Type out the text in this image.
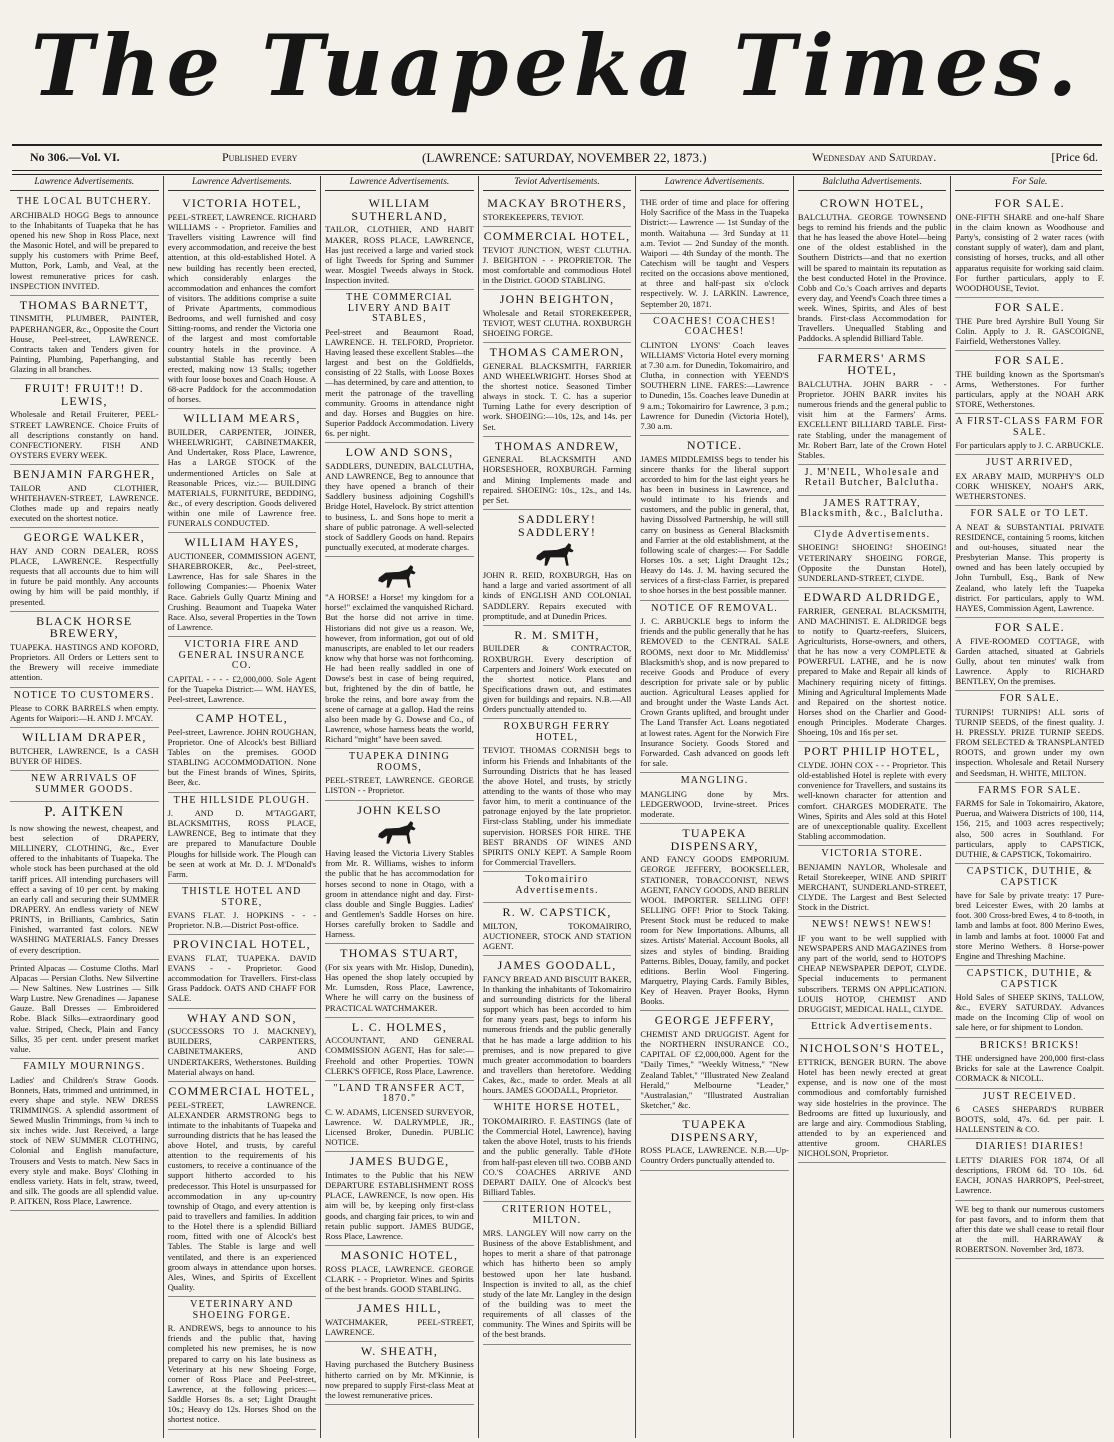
The Tuapeka Times.
No 306.—Vol. VI.	Published every	(LAWRENCE: SATURDAY, NOVEMBER 22, 1873.)	Wednesday and Saturday.	[Price 6d.
Lawrence Advertisements.
THE LOCAL BUTCHERY.
ARCHIBALD HOGG Begs to announce to the Inhabitants of Tuapeka that he has opened his new Shop in Ross Place, next the Masonic Hotel, and will be prepared to supply his customers with Prime Beef, Mutton, Pork, Lamb, and Veal, at the lowest remunerative prices for cash. INSPECTION INVITED.
THOMAS BARNETT,
TINSMITH, PLUMBER, PAINTER, PAPERHANGER, &c., Opposite the Court House, Peel-street, LAWRENCE. Contracts taken and Tenders given for Painting, Plumbing, Paperhanging, and Glazing in all branches.
FRUIT! FRUIT!! D. LEWIS,
Wholesale and Retail Fruiterer, PEEL-STREET LAWRENCE. Choice Fruits of all descriptions constantly on hand. CONFECTIONERY. FISH AND OYSTERS EVERY WEEK.
BENJAMIN FARGHER,
TAILOR AND CLOTHIER, WHITEHAVEN-STREET, LAWRENCE. Clothes made up and repairs neatly executed on the shortest notice.
GEORGE WALKER,
HAY AND CORN DEALER, ROSS PLACE, LAWRENCE. Respectfully requests that all accounts due to him will in future be paid monthly. Any accounts owing by him will be paid monthly, if presented.
BLACK HORSE BREWERY,
TUAPEKA. HASTINGS AND KOFORD, Proprietors. All Orders or Letters sent to the Brewery will receive immediate attention.
NOTICE TO CUSTOMERS.
Please to CORK BARRELS when empty. Agents for Waipori:—H. AND J. M'CAY.
WILLIAM DRAPER,
BUTCHER, LAWRENCE, Is a CASH BUYER OF HIDES.
NEW ARRIVALS OF SUMMER GOODS.
P. AITKEN
Is now showing the newest, cheapest, and best selection of DRAPERY, MILLINERY, CLOTHING, &c., Ever offered to the inhabitants of Tuapeka. The whole stock has been purchased at the old tariff prices. All intending purchasers will effect a saving of 10 per cent. by making an early call and securing their SUMMER DRAPERY. An endless variety of NEW PRINTS, in Brilliants, Cambrics, Satin Finished, warranted fast colors. NEW WASHING MATERIALS. Fancy Dresses of every description.
Printed Alpacas — Costume Cloths. Marl Alpacas — Persian Cloths. New Silvertine — New Saltines. New Lustrines — Silk Warp Lustre. New Grenadines — Japanese Gauze. Ball Dresses — Embroidered Robe. Black Silks—extraordinary good value. Striped, Check, Plain and Fancy Silks, 35 per cent. under present market value.
FAMILY MOURNINGS.
Ladies' and Children's Straw Goods. Bonnets, Hats, trimmed and untrimmed, in every shape and style. NEW DRESS TRIMMINGS. A splendid assortment of Sewed Muslin Trimmings, from ¼ inch to six inches wide. Just Received, a large stock of NEW SUMMER CLOTHING, Colonial and English manufacture, Trousers and Vests to match. New Sacs in every style and make. Boys' Clothing in endless variety. Hats in felt, straw, tweed, and silk. The goods are all splendid value. P. AITKEN, Ross Place, Lawrence.
Lawrence Advertisements.
VICTORIA HOTEL,
PEEL-STREET, LAWRENCE. RICHARD WILLIAMS - - Proprietor. Families and Travellers visiting Lawrence will find every accommodation, and receive the best attention, at this old-established Hotel. A new building has recently been erected, which considerably enlarges the accommodation and enhances the comfort of visitors. The additions comprise a suite of Private Apartments, commodious Bedrooms, and well furnished and cosy Sitting-rooms, and render the Victoria one of the largest and most comfortable country hotels in the province. A substantial Stable has recently been erected, making now 13 Stalls; together with four loose boxes and Coach House. A 68-acre Paddock for the accommodation of horses.
WILLIAM MEARS,
BUILDER, CARPENTER, JOINER, WHEELWRIGHT, CABINETMAKER, And Undertaker, Ross Place, Lawrence, Has a LARGE STOCK of the undermentioned Articles on Sale at Reasonable Prices, viz.:— BUILDING MATERIALS, FURNITURE, BEDDING, &c., of every description. Goods delivered within one mile of Lawrence free. FUNERALS CONDUCTED.
WILLIAM HAYES,
AUCTIONEER, COMMISSION AGENT, SHAREBROKER, &c., Peel-street, Lawrence, Has for sale Shares in the following Companies:— Phoenix Water Race. Gabriels Gully Quartz Mining and Crushing. Beaumont and Tuapeka Water Race. Also, several Properties in the Town of Lawrence.
VICTORIA FIRE AND GENERAL INSURANCE CO.
CAPITAL - - - - £2,000,000. Sole Agent for the Tuapeka District:— WM. HAYES, Peel-street, Lawrence.
CAMP HOTEL,
Peel-street, Lawrence. JOHN ROUGHAN, Proprietor. One of Alcock's best Billiard Tables on the premises. GOOD STABLING ACCOMMODATION. None but the Finest brands of Wines, Spirits, Beer, &c.
THE HILLSIDE PLOUGH.
J. AND D. M'TAGGART, BLACKSMITHS, ROSS PLACE, LAWRENCE, Beg to intimate that they are prepared to Manufacture Double Ploughs for hillside work. The Plough can be seen at work at Mr. D. J. M'Donald's Farm.
THISTLE HOTEL AND STORE,
EVANS FLAT. J. HOPKINS - - - Proprietor. N.B.—District Post-office.
PROVINCIAL HOTEL,
EVANS FLAT, TUAPEKA. DAVID EVANS - - Proprietor. Good accommodation for Travellers. First-class Grass Paddock. OATS AND CHAFF FOR SALE.
WHAY AND SON,
(SUCCESSORS TO J. MACKNEY), BUILDERS, CARPENTERS, CABINETMAKERS, AND UNDERTAKERS, Wetherstones. Building Material always on hand.
COMMERCIAL HOTEL,
PEEL-STREET, LAWRENCE. ALEXANDER ARMSTRONG begs to intimate to the inhabitants of Tuapeka and surrounding districts that he has leased the above Hotel, and trusts, by careful attention to the requirements of his customers, to receive a continuance of the support hitherto accorded to his predecessor. This Hotel is unsurpassed for accommodation in any up-country township of Otago, and every attention is paid to travellers and families. In addition to the Hotel there is a splendid Billiard room, fitted with one of Alcock's best Tables. The Stable is large and well ventilated, and there is an experienced groom always in attendance upon horses. Ales, Wines, and Spirits of Excellent Quality.
VETERINARY AND SHOEING FORGE.
R. ANDREWS, begs to announce to his friends and the public that, having completed his new premises, he is now prepared to carry on his late business as Veterinary at his new Shoeing Forge, corner of Ross Place and Peel-street, Lawrence, at the following prices:— Saddle Horses 8s. a set; Light Draught 10s.; Heavy do 12s. Horses Shod on the shortest notice.
Lawrence Advertisements.
WILLIAM SUTHERLAND,
TAILOR, CLOTHIER, AND HABIT MAKER, ROSS PLACE, LAWRENCE, Has just received a large and varied stock of light Tweeds for Spring and Summer wear. Mosgiel Tweeds always in Stock. Inspection invited.
THE COMMERCIAL LIVERY AND BAIT STABLES,
Peel-street and Beaumont Road, LAWRENCE. H. TELFORD, Proprietor. Having leased these excellent Stables—the largest and best on the Goldfields, consisting of 22 Stalls, with Loose Boxes—has determined, by care and attention, to merit the patronage of the travelling community. Grooms in attendance night and day. Horses and Buggies on hire. Superior Paddock Accommodation. Livery 6s. per night.
LOW AND SONS,
SADDLERS, DUNEDIN, BALCLUTHA, AND LAWRENCE, Beg to announce that they have opened a branch of their Saddlery business adjoining Cogshill's Bridge Hotel, Havelock. By strict attention to business, L. and Sons hope to merit a share of public patronage. A well-selected stock of Saddlery Goods on hand. Repairs punctually executed, at moderate charges.
"A HORSE! a Horse! my kingdom for a horse!" exclaimed the vanquished Richard. But the horse did not arrive in time. Historians did not give us a reason. We, however, from information, got out of old manuscripts, are enabled to let our readers know why that horse was not forthcoming. He had been really saddled in one of Dowse's best in case of being required, but, frightened by the din of battle, he broke the reins, and bore away from the scene of carnage at a gallop. Had the reins also been made by G. Dowse and Co., of Lawrence, whose harness beats the world, Richard "might" have been saved.
TUAPEKA DINING ROOMS,
PEEL-STREET, LAWRENCE. GEORGE LISTON - - Proprietor.
JOHN KELSO
Having leased the Victoria Livery Stables from Mr. R. Williams, wishes to inform the public that he has accommodation for horses second to none in Otago, with a groom in attendance night and day. First-class double and Single Buggies. Ladies' and Gentlemen's Saddle Horses on hire. Horses carefully broken to Saddle and Harness.
THOMAS STUART,
(For six years with Mr. Hislop, Dunedin), Has opened the shop lately occupied by Mr. Lumsden, Ross Place, Lawrence, Where he will carry on the business of PRACTICAL WATCHMAKER.
L. C. HOLMES,
ACCOUNTANT, AND GENERAL COMMISSION AGENT, Has for sale:— Freehold and other Properties. TOWN CLERK'S OFFICE, Ross Place, Lawrence.
"LAND TRANSFER ACT, 1870."
C. W. ADAMS, LICENSED SURVEYOR, Lawrence. W. DALRYMPLE, JR., Licensed Broker, Dunedin. PUBLIC NOTICE.
JAMES BUDGE,
Intimates to the Public that his NEW DEPARTURE ESTABLISHMENT ROSS PLACE, LAWRENCE, Is now open. His aim will be, by keeping only first-class goods, and charging fair prices, to win and retain public support. JAMES BUDGE, Ross Place, Lawrence.
MASONIC HOTEL,
ROSS PLACE, LAWRENCE. GEORGE CLARK - - Proprietor. Wines and Spirits of the best brands. GOOD STABLING.
JAMES HILL,
WATCHMAKER, PEEL-STREET, LAWRENCE.
W. SHEATH,
Having purchased the Butchery Business hitherto carried on by Mr. M'Kinnie, is now prepared to supply First-class Meat at the lowest remunerative prices.
Teviot Advertisements.
MACKAY BROTHERS,
STOREKEEPERS, TEVIOT.
COMMERCIAL HOTEL,
TEVIOT JUNCTION, WEST CLUTHA. J. BEIGHTON - - PROPRIETOR. The most comfortable and commodious Hotel in the District. GOOD STABLING.
JOHN BEIGHTON,
Wholesale and Retail STOREKEEPER, TEVIOT, WEST CLUTHA. ROXBURGH SHOEING FORGE.
THOMAS CAMERON,
GENERAL BLACKSMITH, FARRIER AND WHEELWRIGHT. Horses Shod at the shortest notice. Seasoned Timber always in stock. T. C. has a superior Turning Lathe for every description of work. SHOEING:—10s, 12s, and 14s. per Set.
THOMAS ANDREW,
GENERAL BLACKSMITH AND HORSESHOER, ROXBURGH. Farming and Mining Implements made and repaired. SHOEING: 10s., 12s., and 14s. per Set.
SADDLERY! SADDLERY!
JOHN R. REID, ROXBURGH, Has on hand a large and varied assortment of all kinds of ENGLISH AND COLONIAL SADDLERY. Repairs executed with promptitude, and at Dunedin Prices.
R. M. SMITH,
BUILDER & CONTRACTOR, ROXBURGH. Every description of Carpenters and Joiners' Work executed on the shortest notice. Plans and Specifications drawn out, and estimates given for buildings and repairs. N.B.—All Orders punctually attended to.
ROXBURGH FERRY HOTEL,
TEVIOT. THOMAS CORNISH begs to inform his Friends and Inhabitants of the Surrounding Districts that he has leased the above Hotel, and trusts, by strictly attending to the wants of those who may favor him, to merit a continuance of the patronage enjoyed by the late proprietor. First-class Stabling, under his immediate supervision. HORSES FOR HIRE. THE BEST BRANDS OF WINES AND SPIRITS ONLY KEPT. A Sample Room for Commercial Travellers.
Tokomairiro Advertisements.
R. W. CAPSTICK,
MILTON, TOKOMAIRIRO, AUCTIONEER, STOCK AND STATION AGENT.
JAMES GOODALL,
FANCY BREAD AND BISCUIT BAKER, In thanking the inhabitants of Tokomairiro and surrounding districts for the liberal support which has been accorded to him for many years past, begs to inform his numerous friends and the public generally that he has made a large addition to his premises, and is now prepared to give much greater accommodation to boarders and travellers than heretofore. Wedding Cakes, &c., made to order. Meals at all hours. JAMES GOODALL, Proprietor.
WHITE HORSE HOTEL,
TOKOMAIRIRO. F. EASTINGS (late of the Commercial Hotel, Lawrence), having taken the above Hotel, trusts to his friends and the public generally. Table d'Hote from half-past eleven till two. COBB AND CO.'S COACHES ARRIVE AND DEPART DAILY. One of Alcock's best Billiard Tables.
CRITERION HOTEL, MILTON.
MRS. LANGLEY Will now carry on the Business of the above Establishment, and hopes to merit a share of that patronage which has hitherto been so amply bestowed upon her late husband. Inspection is invited to all, as the chief study of the late Mr. Langley in the design of the building was to meet the requirements of all classes of the community. The Wines and Spirits will be of the best brands.
Lawrence Advertisements.
THE order of time and place for offering Holy Sacrifice of the Mass in the Tuapeka District:— Lawrence — 1st Sunday of the month. Waitahuna — 3rd Sunday at 11 a.m. Teviot — 2nd Sunday of the month. Waipori — 4th Sunday of the month. The Catechism will be taught and Vespers recited on the occasions above mentioned, at three and half-past six o'clock respectively. W. J. LARKIN. Lawrence, September 20, 1871.
COACHES! COACHES! COACHES!
CLINTON LYONS' Coach leaves WILLIAMS' Victoria Hotel every morning at 7.30 a.m. for Dunedin, Tokomairiro, and Clutha, in connection with YEEND'S SOUTHERN LINE. FARES:—Lawrence to Dunedin, 15s. Coaches leave Dunedin at 9 a.m.; Tokomairiro for Lawrence, 3 p.m.; Lawrence for Dunedin (Victoria Hotel), 7.30 a.m.
NOTICE.
JAMES MIDDLEMISS begs to tender his sincere thanks for the liberal support accorded to him for the last eight years he has been in business in Lawrence, and would intimate to his friends and customers, and the public in general, that, having Dissolved Partnership, he will still carry on business as General Blacksmith and Farrier at the old establishment, at the following scale of charges:— For Saddle Horses 10s. a set; Light Draught 12s.; Heavy do 14s. J. M. having secured the services of a first-class Farrier, is prepared to shoe horses in the best possible manner.
NOTICE OF REMOVAL.
J. C. ARBUCKLE begs to inform the friends and the public generally that he has REMOVED to the CENTRAL SALE ROOMS, next door to Mr. Middlemiss' Blacksmith's shop, and is now prepared to receive Goods and Produce of every description for private sale or by public auction. Agricultural Leases applied for and brought under the Waste Lands Act. Crown Grants uplifted, and brought under The Land Transfer Act. Loans negotiated at lowest rates. Agent for the Norwich Fire Insurance Society. Goods Stored and Forwarded. Cash advanced on goods left for sale.
MANGLING.
MANGLING done by Mrs. LEDGERWOOD, Irvine-street. Prices moderate.
TUAPEKA DISPENSARY,
AND FANCY GOODS EMPORIUM. GEORGE JEFFERY, BOOKSELLER, STATIONER, TOBACCONIST, NEWS AGENT, FANCY GOODS, AND BERLIN WOOL IMPORTER. SELLING OFF! SELLING OFF! Prior to Stock Taking. Present Stock must be reduced to make room for New Importations. Albums, all sizes. Artists' Material. Account Books, all sizes and styles of binding. Braiding Patterns. Bibles, Douay, family, and pocket editions. Berlin Wool Fingering. Marquetry, Playing Cards. Family Bibles, Key of Heaven. Prayer Books, Hymn Books.
GEORGE JEFFERY,
CHEMIST AND DRUGGIST. Agent for the NORTHERN INSURANCE CO., CAPITAL OF £2,000,000. Agent for the "Daily Times," "Weekly Witness," "New Zealand Tablet," "Illustrated New Zealand Herald," Melbourne "Leader," "Australasian," "Illustrated Australian Sketcher," &c.
TUAPEKA DISPENSARY,
ROSS PLACE, LAWRENCE. N.B.—Up-Country Orders punctually attended to.
Balclutha Advertisements.
CROWN HOTEL,
BALCLUTHA. GEORGE TOWNSEND begs to remind his friends and the public that he has leased the above Hotel—being one of the oldest established in the Southern Districts—and that no exertion will be spared to maintain its reputation as the best conducted Hotel in the Province. Cobb and Co.'s Coach arrives and departs every day, and Yeend's Coach three times a week. Wines, Spirits, and Ales of best brands. First-class Accommodation for Travellers. Unequalled Stabling and Paddocks. A splendid Billiard Table.
FARMERS' ARMS HOTEL,
BALCLUTHA. JOHN BARR - - Proprietor. JOHN BARR invites his numerous friends and the general public to visit him at the Farmers' Arms. EXCELLENT BILLIARD TABLE. First-rate Stabling, under the management of Mr. Robert Barr, late of the Crown Hotel Stables.
J. M'NEIL, Wholesale and Retail Butcher, Balclutha.
JAMES RATTRAY, Blacksmith, &c., Balclutha.
Clyde Advertisements.
SHOEING! SHOEING! SHOEING! VETERINARY SHOEING FORGE, (Opposite the Dunstan Hotel), SUNDERLAND-STREET, CLYDE.
EDWARD ALDRIDGE,
FARRIER, GENERAL BLACKSMITH, AND MACHINIST. E. ALDRIDGE begs to notify to Quartz-reefers, Sluicers, Agriculturists, Horse-owners, and others, that he has now a very COMPLETE & POWERFUL LATHE, and he is now prepared to Make and Repair all kinds of Machinery requiring nicety of fittings. Mining and Agricultural Implements Made and Repaired on the shortest notice. Horses shod on the Charlier and Good-enough Principles. Moderate Charges. Shoeing, 10s and 16s per set.
PORT PHILIP HOTEL,
CLYDE. JOHN COX - - - Proprietor. This old-established Hotel is replete with every convenience for Travellers, and sustains its well-known character for attention and comfort. CHARGES MODERATE. The Wines, Spirits and Ales sold at this Hotel are of unexceptionable quality. Excellent Stabling accommodation.
VICTORIA STORE.
BENJAMIN NAYLOR, Wholesale and Retail Storekeeper, WINE AND SPIRIT MERCHANT, SUNDERLAND-STREET, CLYDE. The Largest and Best Selected Stock in the District.
NEWS! NEWS! NEWS!
IF you want to be well supplied with NEWSPAPERS AND MAGAZINES from any part of the world, send to HOTOP'S CHEAP NEWSPAPER DEPOT, CLYDE. Special inducements to permanent subscribers. TERMS ON APPLICATION. LOUIS HOTOP, CHEMIST AND DRUGGIST, MEDICAL HALL, CLYDE.
Ettrick Advertisements.
NICHOLSON'S HOTEL,
ETTRICK, BENGER BURN. The above Hotel has been newly erected at great expense, and is now one of the most commodious and comfortably furnished way side hostelries in the province. The Bedrooms are fitted up luxuriously, and are large and airy. Commodious Stabling, attended to by an experienced and attentive groom. CHARLES NICHOLSON, Proprietor.
For Sale.
FOR SALE.
ONE-FIFTH SHARE and one-half Share in the claim known as Woodhouse and Party's, consisting of 2 water races (with constant supply of water), dam and plant, consisting of horses, trucks, and all other apparatus requisite for working said claim. For further particulars, apply to F. WOODHOUSE, Teviot.
FOR SALE.
THE Pure bred Ayrshire Bull Young Sir Colin. Apply to J. R. GASCOIGNE, Fairfield, Wetherstones Valley.
FOR SALE.
THE building known as the Sportsman's Arms, Wetherstones. For further particulars, apply at the NOAH ARK STORE, Wetherstones.
A FIRST-CLASS FARM FOR SALE.
For particulars apply to J. C. ARBUCKLE.
JUST ARRIVED,
EX ARABY MAID, MURPHY'S OLD CORK WHISKEY, NOAH'S ARK, WETHERSTONES.
FOR SALE or TO LET.
A NEAT & SUBSTANTIAL PRIVATE RESIDENCE, containing 5 rooms, kitchen and out-houses, situated near the Presbyterian Manse. This property is owned and has been lately occupied by John Turnbull, Esq., Bank of New Zealand, who lately left the Tuapeka district. For particulars, apply to WM. HAYES, Commission Agent, Lawrence.
FOR SALE.
A FIVE-ROOMED COTTAGE, with Garden attached, situated at Gabriels Gully, about ten minutes' walk from Lawrence. Apply to RICHARD BENTLEY, On the premises.
FOR SALE.
TURNIPS! TURNIPS! ALL sorts of TURNIP SEEDS, of the finest quality. J. H. PRESSLY. PRIZE TURNIP SEEDS. FROM SELECTED & TRANSPLANTED ROOTS, and grown under my own inspection. Wholesale and Retail Nursery and Seedsman, H. WHITE, MILTON.
FARMS FOR SALE.
FARMS for Sale in Tokomairiro, Akatore, Puerua, and Waiwera Districts of 100, 114, 156, 215, and 1003 acres respectively; also, 500 acres in Southland. For particulars, apply to CAPSTICK, DUTHIE, & CAPSTICK, Tokomairiro.
CAPSTICK, DUTHIE, & CAPSTICK
have for Sale by private treaty: 17 Pure-bred Leicester Ewes, with 20 lambs at foot. 300 Cross-bred Ewes, 4 to 8-tooth, in lamb and lambs at foot. 800 Merino Ewes, in lamb and lambs at foot. 10000 Fat and store Merino Wethers. 8 Horse-power Engine and Threshing Machine.
CAPSTICK, DUTHIE, & CAPSTICK
Hold Sales of SHEEP SKINS, TALLOW, &c., EVERY SATURDAY. Advances made on the Incoming Clip of wool on sale here, or for shipment to London.
BRICKS! BRICKS!
THE undersigned have 200,000 first-class Bricks for sale at the Lawrence Coalpit. CORMACK & NICOLL.
JUST RECEIVED.
6 CASES SHEPARD'S RUBBER BOOTS, sold, 47s. 6d. per pair. I. HALLENSTEIN & CO.
DIARIES! DIARIES!
LETTS' DIARIES FOR 1874, Of all descriptions, FROM 6d. TO 10s. 6d. EACH, JONAS HARROP'S, Peel-street, Lawrence.
WE beg to thank our numerous customers for past favors, and to inform them that after this date we shall cease to retail flour at the mill. HARRAWAY & ROBERTSON. November 3rd, 1873.
